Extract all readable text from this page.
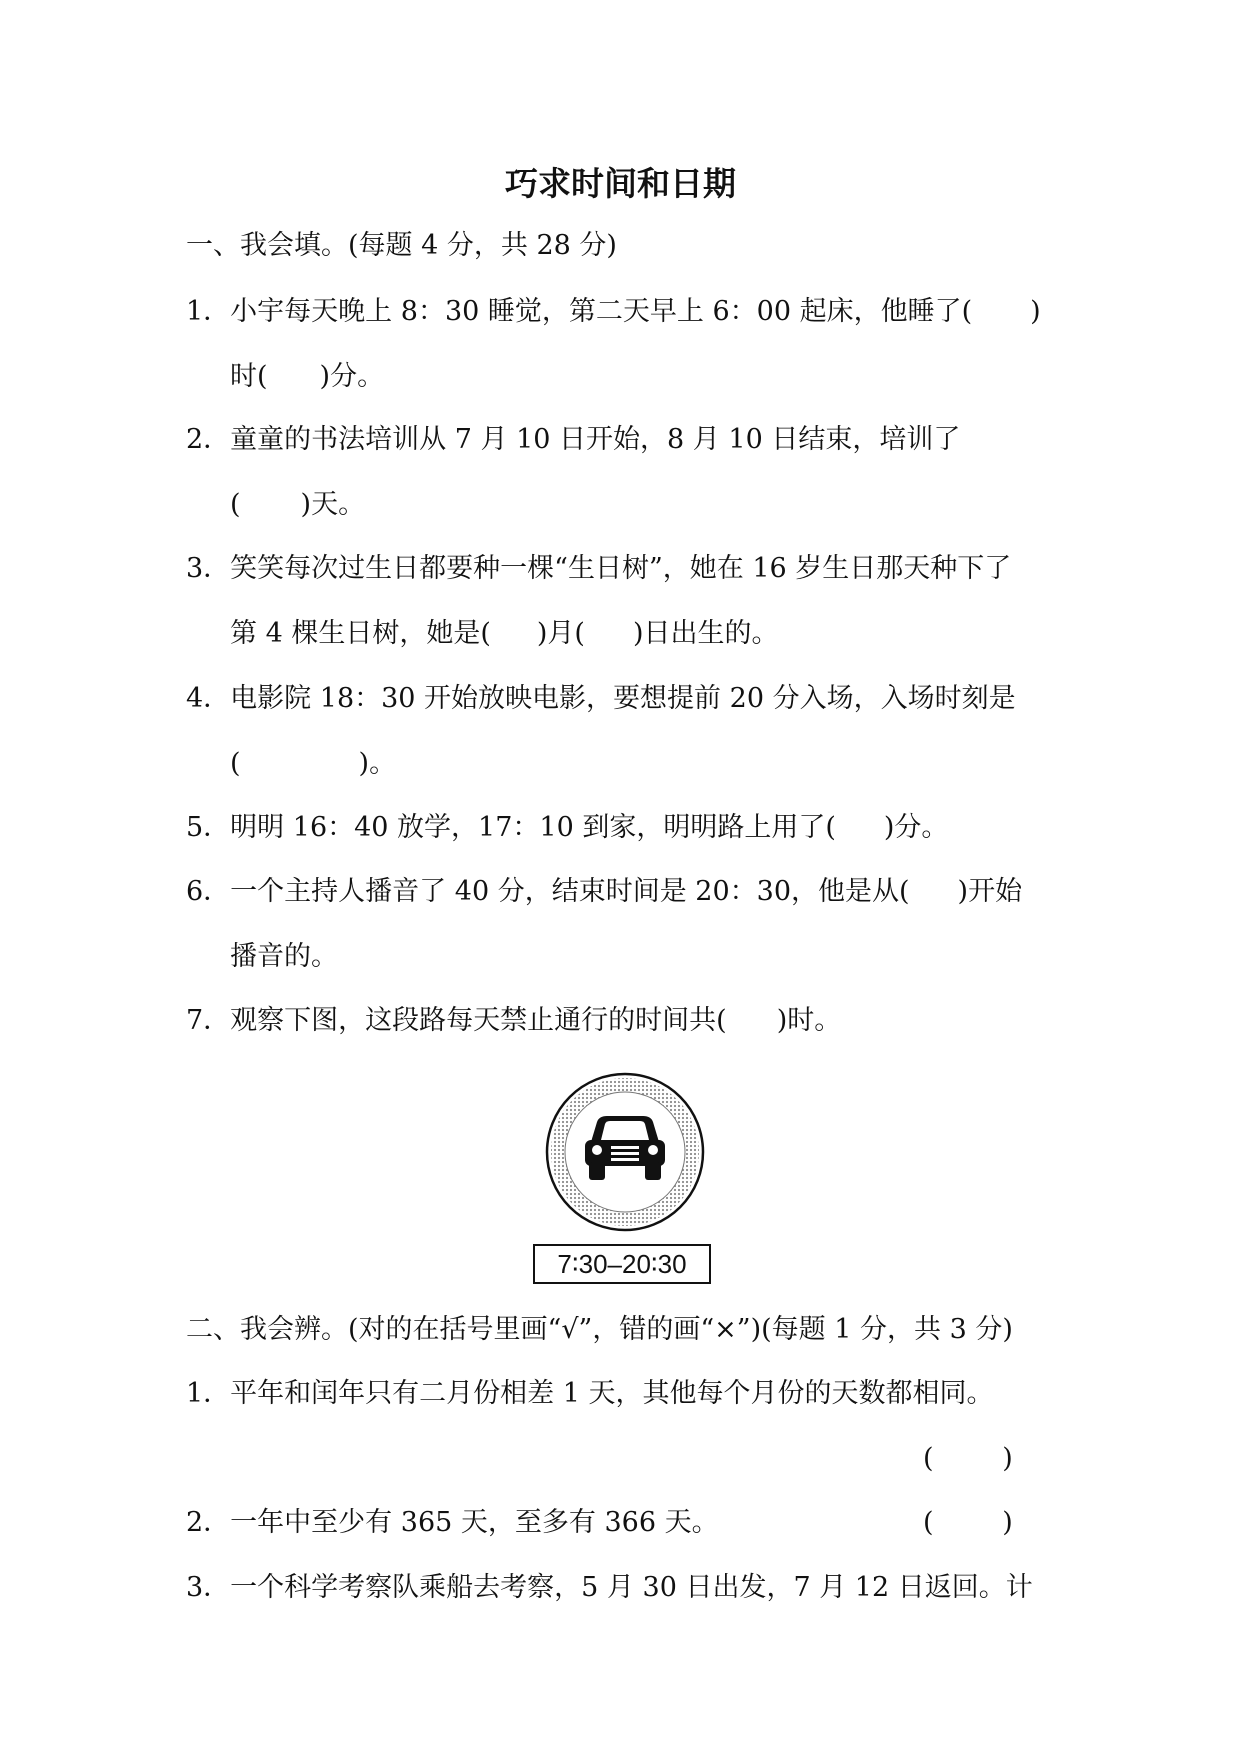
巧求时间和日期
一、我会填。(每题 4 分，共 28 分)
1．小宇每天晚上 8：30 睡觉，第二天早上 6：00 起床，他睡了( )
时( )分。
2．童童的书法培训从 7 月 10 日开始，8 月 10 日结束，培训了
( )天。
3．笑笑每次过生日都要种一棵“生日树”，她在 16 岁生日那天种下了
第 4 棵生日树，她是( )月( )日出生的。
4．电影院 18：30 开始放映电影，要想提前 20 分入场，入场时刻是
(	)。
5．明明 16：40 放学，17：10 到家，明明路上用了( )分。
6．一个主持人播音了 40 分，结束时间是 20：30，他是从( )开始
播音的。
7．观察下图，这段路每天禁止通行的时间共( )时。
7∶30–20∶30
二、我会辨。(对的在括号里画“√”，错的画“×”)(每题 1 分，共 3 分)
1．平年和闰年只有二月份相差 1 天，其他每个月份的天数都相同。
(        )
2．一年中至少有 365 天，至多有 366 天。	(        )
3．一个科学考察队乘船去考察，5 月 30 日出发，7 月 12 日返回。计
